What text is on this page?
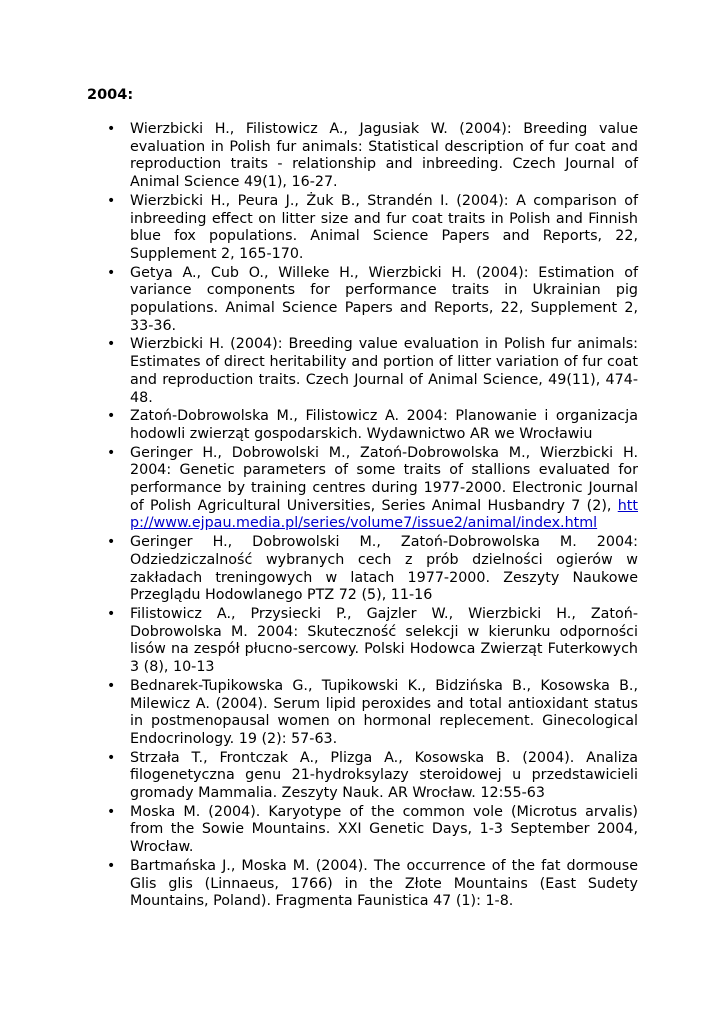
2004:
• Wierzbicki H., Filistowicz A., Jagusiak W. (2004): Breeding value evaluation in Polish fur animals: Statistical description of fur coat and reproduction traits - relationship and inbreeding. Czech Journal of Animal Science 49(1), 16-27.
• Wierzbicki H., Peura J., Żuk B., Strandén I. (2004): A comparison of inbreeding effect on litter size and fur coat traits in Polish and Finnish blue fox populations. Animal Science Papers and Reports, 22, Supplement 2, 165-170.
• Getya A., Cub O., Willeke H., Wierzbicki H. (2004): Estimation of variance components for performance traits in Ukrainian pig populations. Animal Science Papers and Reports, 22, Supplement 2, 33-36.
• Wierzbicki H. (2004): Breeding value evaluation in Polish fur animals: Estimates of direct heritability and portion of litter variation of fur coat and reproduction traits. Czech Journal of Animal Science, 49(11), 474-48.
• Zatoń-Dobrowolska M., Filistowicz A. 2004: Planowanie i organizacja hodowli zwierząt gospodarskich. Wydawnictwo AR we Wrocławiu
• Geringer H., Dobrowolski M., Zatoń-Dobrowolska M., Wierzbicki H. 2004: Genetic parameters of some traits of stallions evaluated for performance by training centres during 1977-2000. Electronic Journal of Polish Agricultural Universities, Series Animal Husbandry 7 (2), http://www.ejpau.media.pl/series/volume7/issue2/animal/index.html
• Geringer H., Dobrowolski M., Zatoń-Dobrowolska M. 2004: Odziedziczalność wybranych cech z prób dzielności ogierów w zakładach treningowych w latach 1977-2000. Zeszyty Naukowe Przeglądu Hodowlanego PTZ 72 (5), 11-16
• Filistowicz A., Przysiecki P., Gajzler W., Wierzbicki H., Zatoń-Dobrowolska M. 2004: Skuteczność selekcji w kierunku odporności lisów na zespół płucno-sercowy. Polski Hodowca Zwierząt Futerkowych 3 (8), 10-13
• Bednarek-Tupikowska G., Tupikowski K., Bidzińska B., Kosowska B., Milewicz A. (2004). Serum lipid peroxides and total antioxidant status in postmenopausal women on hormonal replecement. Ginecological Endocrinology. 19 (2): 57-63.
• Strzała T., Frontczak A., Plizga A., Kosowska B. (2004). Analiza filogenetyczna genu 21-hydroksylazy steroidowej u przedstawicieli gromady Mammalia. Zeszyty Nauk. AR Wrocław. 12:55-63
• Moska M. (2004). Karyotype of the common vole (Microtus arvalis) from the Sowie Mountains. XXI Genetic Days, 1-3 September 2004, Wrocław.
• Bartmańska J., Moska M. (2004). The occurrence of the fat dormouse Glis glis (Linnaeus, 1766) in the Złote Mountains (East Sudety Mountains, Poland). Fragmenta Faunistica 47 (1): 1-8.
